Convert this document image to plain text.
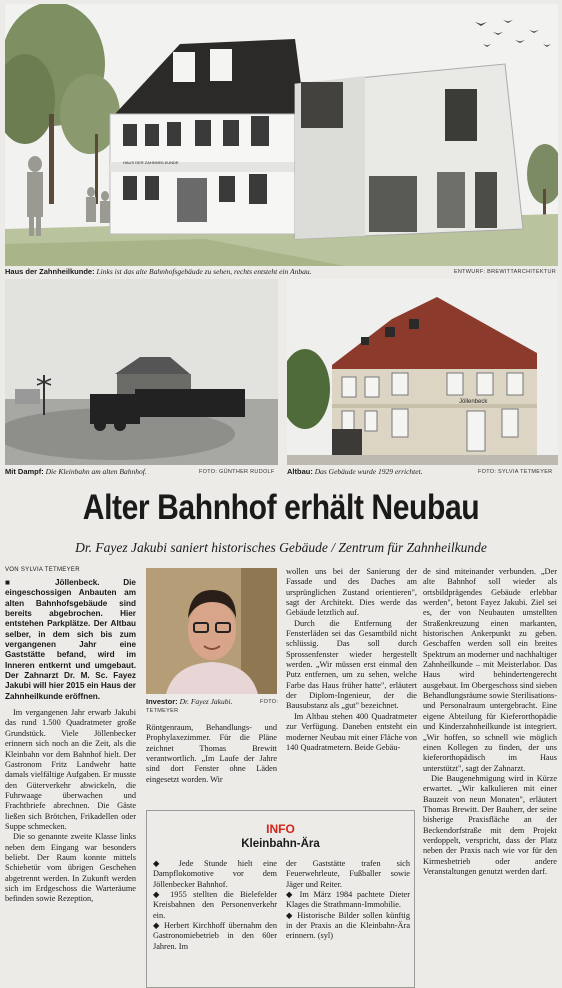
HAUS DER ZAHNHEILKUNDE
Haus der Zahnheilkunde: Links ist das alte Bahnhofsgebäude zu sehen, rechts entsteht ein Anbau.	ENTWURF: BREWITTARCHITEKTUR
Jöllenbeck
Mit Dampf: Die Kleinbahn am alten Bahnhof.	FOTO: GÜNTHER RUDOLF Altbau: Das Gebäude wurde 1929 errichtet.	FOTO: SYLVIA TETMEYER
Alter Bahnhof erhält Neubau
Dr. Fayez Jakubi saniert historisches Gebäude / Zentrum für Zahnheilkunde
VON SYLVIA TETMEYER
Investor: Dr. Fayez Jakubi.	FOTO:
TETMEYER

■ Jöllenbeck. Die eingeschossigen Anbauten am alten Bahnhofsgebäude sind bereits abgebrochen. Hier entstehen Parkplätze. Der Altbau selber, in dem sich bis zum vergangenen Jahr eine Gaststätte befand, wird im Inneren entkernt und umgebaut. Der Zahnarzt Dr. M. Sc. Fayez Jakubi will hier 2015 ein Haus der Zahnheilkunde eröffnen.

Im vergangenen Jahr erwarb Jakubi das rund 1.500 Quadratmeter große Grundstück. Viele Jöllenbecker erinnern sich noch an die Zeit, als die Kleinbahn vor dem Bahnhof hielt. Der Gastronom Fritz Landwehr hatte damals vielfältige Aufgaben. Er musste den Güterverkehr abwickeln, die Fuhrwaage überwachen und Frachtbriefe abrechnen. Die Gäste ließen sich Brötchen, Frikadellen oder Suppe schmecken.

Die so genannte zweite Klasse links neben dem Eingang war besonders beliebt. Der Raum konnte mittels Schiebetür vom übrigen Geschehen abgetrennt werden. In Zukunft werden sich im Erdgeschoss die Warteräume befinden sowie Rezeption,

Röntgenraum, Behandlungs- und Prophylaxezimmer. Für die Pläne zeichnet Thomas Brewitt verantwortlich. „Im Laufe der Jahre sind dort Fenster ohne Läden eingesetzt worden. Wir

wollen uns bei der Sanierung der Fassade und des Daches am ursprünglichen Zustand orientieren", sagt der Architekt. Dies werde das Gebäude letztlich auf.

Durch die Entfernung der Fensterläden sei das Gesamtbild nicht schlüssig. Das soll durch Sprossenfenster wieder hergestellt werden. „Wir müssen erst einmal den Putz entfernen, um zu sehen, welche Farbe das Haus früher hatte", erläutert der Diplom-Ingenieur, der die Bausubstanz als „gut" bezeichnet.

Im Altbau stehen 400 Quadratmeter zur Verfügung. Daneben entsteht ein moderner Neubau mit einer Fläche von 140 Quadratmetern. Beide Gebäu-

de sind miteinander verbunden. „Der alte Bahnhof soll wieder als ortsbildprägendes Gebäude erlebbar werden", betont Fayez Jakubi. Ziel sei es, der von Neubauten umstellten Straßenkreuzung einen markanten, historischen Ankerpunkt zu geben. Geschaffen werden soll ein breites Spektrum an moderner und nachhaltiger Zahnheilkunde – mit Meisterlabor. Das Haus wird behindertengerecht ausgebaut. Im Obergeschoss sind sieben Behandlungsräume sowie Sterilisations- und Personalraum untergebracht. Eine eigene Abteilung für Kieferorthopädie und Kinderzahnheilkunde ist integriert. „Wir hoffen, so schnell wie möglich einen Kollegen zu finden, der uns kieferorthopädisch im Haus unterstützt", sagt der Zahnarzt.

Die Baugenehmigung wird in Kürze erwartet. „Wir kalkulieren mit einer Bauzeit von neun Monaten", erläutert Thomas Brewitt. Der Bauherr, der seine bisherige Praxisfläche an der Beckendorfstraße mit dem Projekt verdoppelt, verspricht, dass der Platz neben der Praxis nach wie vor für den Kirmesbetrieb oder andere Veranstaltungen genutzt werden darf.

INFO
Kleinbahn-Ära

◆ Jede Stunde hielt eine Dampflokomotive vor dem Jöllenbecker Bahnhof.

◆ 1955 stellten die Bielefelder Kreisbahnen den Personenverkehr ein.

◆ Herbert Kirchhoff übernahm den Gastronomiebetrieb in den 60er Jahren. Im

der Gaststätte trafen sich Feuerwehrleute, Fußballer sowie Jäger und Reiter.

◆ Im März 1984 pachtete Dieter Klages die Strathmann-Immobilie.

◆ Historische Bilder sollen künftig in der Praxis an die Kleinbahn-Ära erinnern. (syl)
